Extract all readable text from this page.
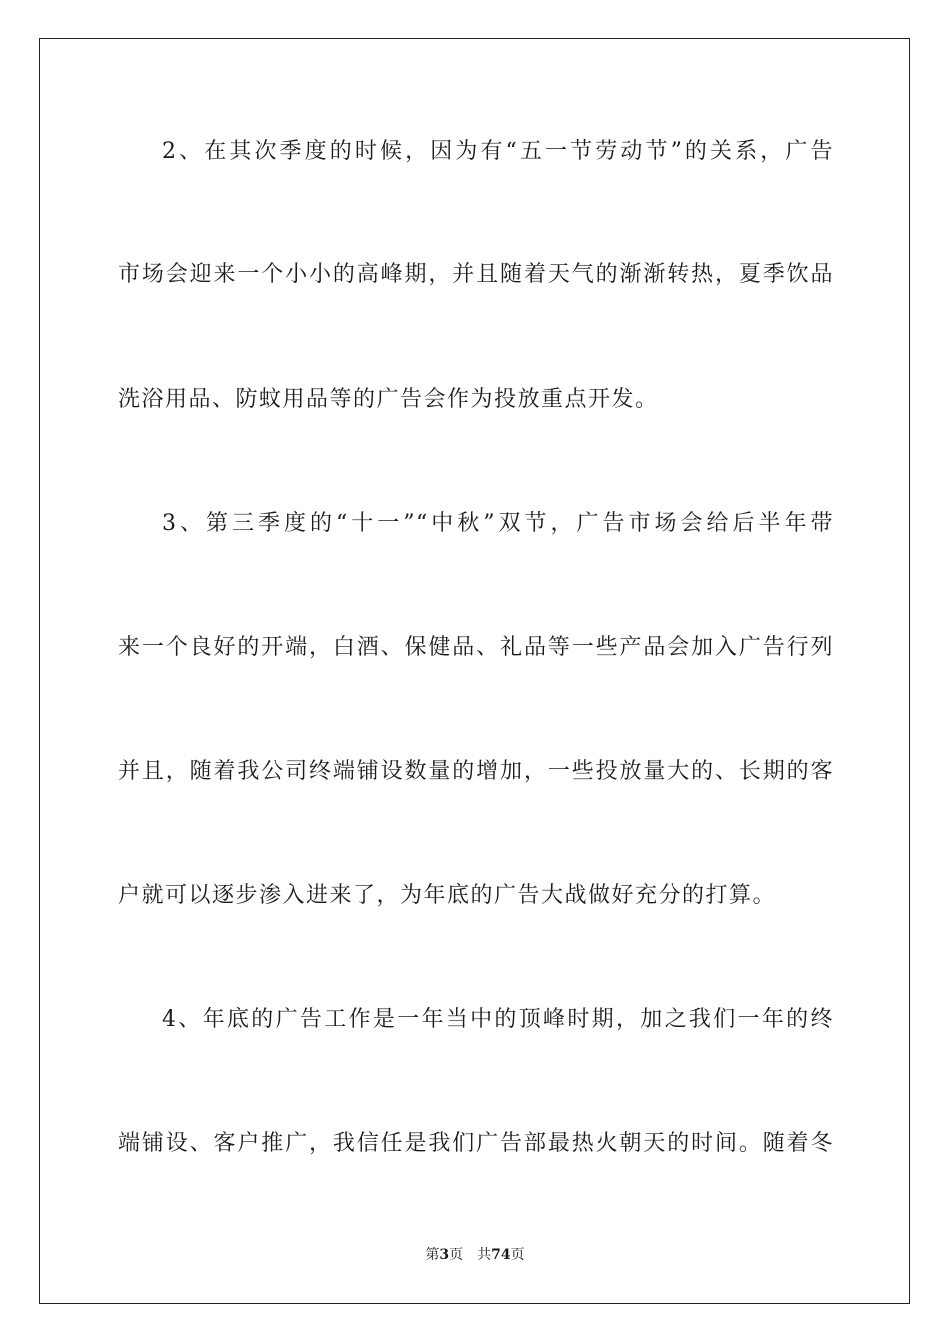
2、在其次季度的时候，因为有“五一节劳动节”的关系，广告
市场会迎来一个小小的高峰期，并且随着天气的渐渐转热，夏季饮品
洗浴用品、防蚊用品等的广告会作为投放重点开发。
3、第三季度的“十一”“中秋”双节，广告市场会给后半年带
来一个良好的开端，白酒、保健品、礼品等一些产品会加入广告行列
并且，随着我公司终端铺设数量的增加，一些投放量大的、长期的客
户就可以逐步渗入进来了，为年底的广告大战做好充分的打算。
4、年底的广告工作是一年当中的顶峰时期，加之我们一年的终
端铺设、客户推广，我信任是我们广告部最热火朝天的时间。随着冬
第3页 共74页
